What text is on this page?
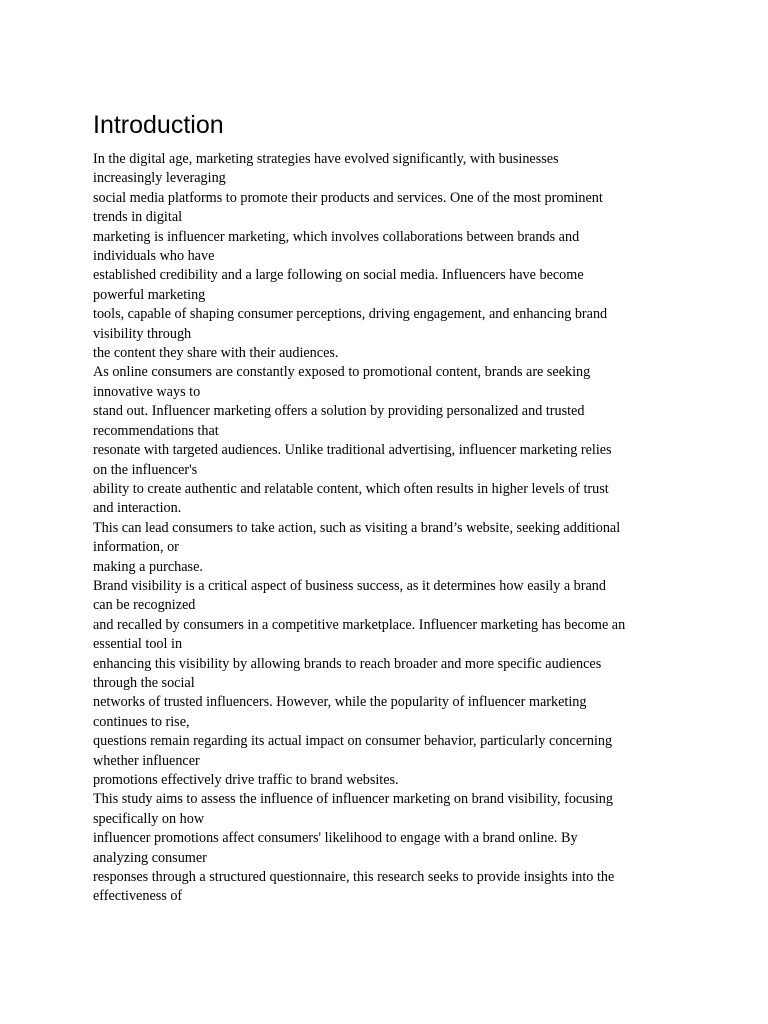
Introduction
In the digital age, marketing strategies have evolved significantly, with businesses
increasingly leveraging
social media platforms to promote their products and services. One of the most prominent
trends in digital
marketing is influencer marketing, which involves collaborations between brands and
individuals who have
established credibility and a large following on social media. Influencers have become
powerful marketing
tools, capable of shaping consumer perceptions, driving engagement, and enhancing brand
visibility through
the content they share with their audiences.
As online consumers are constantly exposed to promotional content, brands are seeking
innovative ways to
stand out. Influencer marketing offers a solution by providing personalized and trusted
recommendations that
resonate with targeted audiences. Unlike traditional advertising, influencer marketing relies
on the influencer's
ability to create authentic and relatable content, which often results in higher levels of trust
and interaction.
This can lead consumers to take action, such as visiting a brand’s website, seeking additional
information, or
making a purchase.
Brand visibility is a critical aspect of business success, as it determines how easily a brand
can be recognized
and recalled by consumers in a competitive marketplace. Influencer marketing has become an
essential tool in
enhancing this visibility by allowing brands to reach broader and more specific audiences
through the social
networks of trusted influencers. However, while the popularity of influencer marketing
continues to rise,
questions remain regarding its actual impact on consumer behavior, particularly concerning
whether influencer
promotions effectively drive traffic to brand websites.
This study aims to assess the influence of influencer marketing on brand visibility, focusing
specifically on how
influencer promotions affect consumers' likelihood to engage with a brand online. By
analyzing consumer
responses through a structured questionnaire, this research seeks to provide insights into the
effectiveness of
